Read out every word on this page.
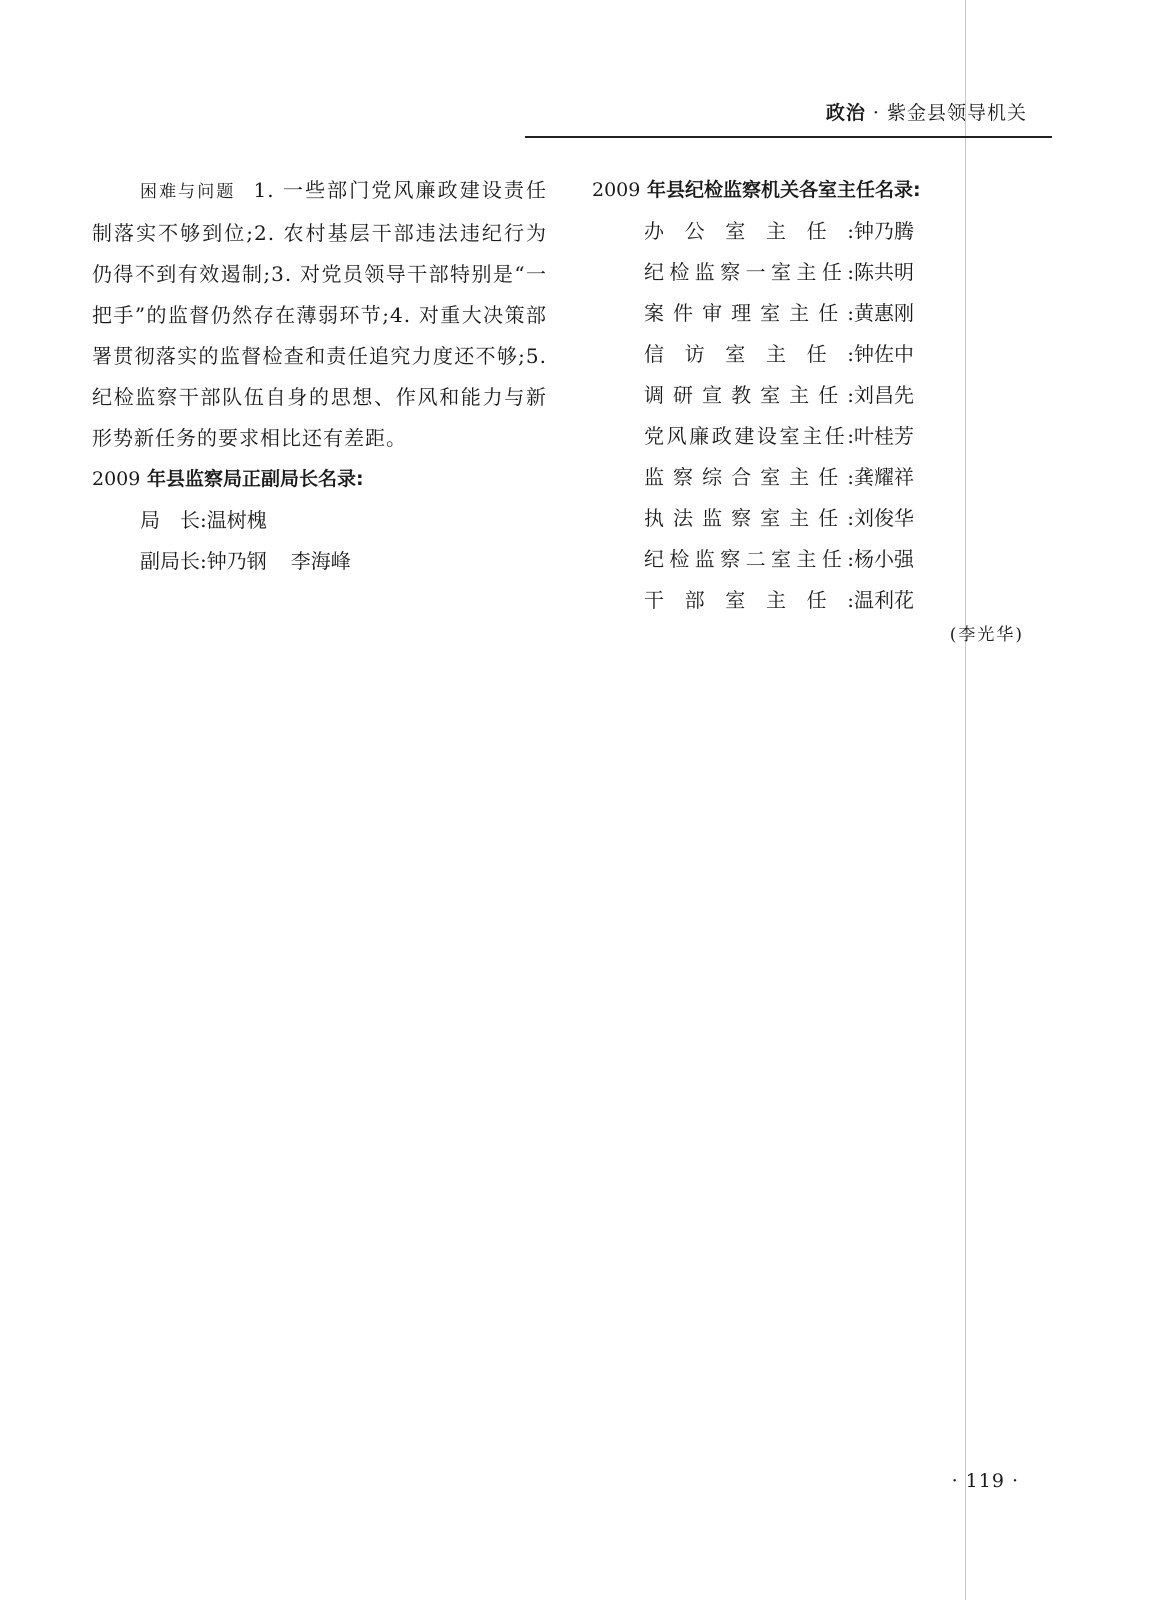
政治 · 紫金县领导机关

困难与问题 1. 一些部门党风廉政建设责任制落实不够到位;2. 农村基层干部违法违纪行为仍得不到有效遏制;3. 对党员领导干部特别是“一把手”的监督仍然存在薄弱环节;4. 对重大决策部署贯彻落实的监督检查和责任追究力度还不够;5. 纪检监察干部队伍自身的思想、作风和能力与新形势新任务的要求相比还有差距。

2009 年县监察局正副局长名录:

局　长:温树槐
副局长:钟乃钢 李海峰

2009 年县纪检监察机关各室主任名录:

办公室主任: 钟乃腾
纪检监察一室主任: 陈共明
案件审理室主任: 黄惠刚
信访室主任: 钟佐中
调研宣教室主任: 刘昌先
党风廉政建设室主任: 叶桂芳
监察综合室主任: 龚耀祥
执法监察室主任: 刘俊华
纪检监察二室主任: 杨小强
干部室主任: 温利花
(李光华)
· 119 ·
